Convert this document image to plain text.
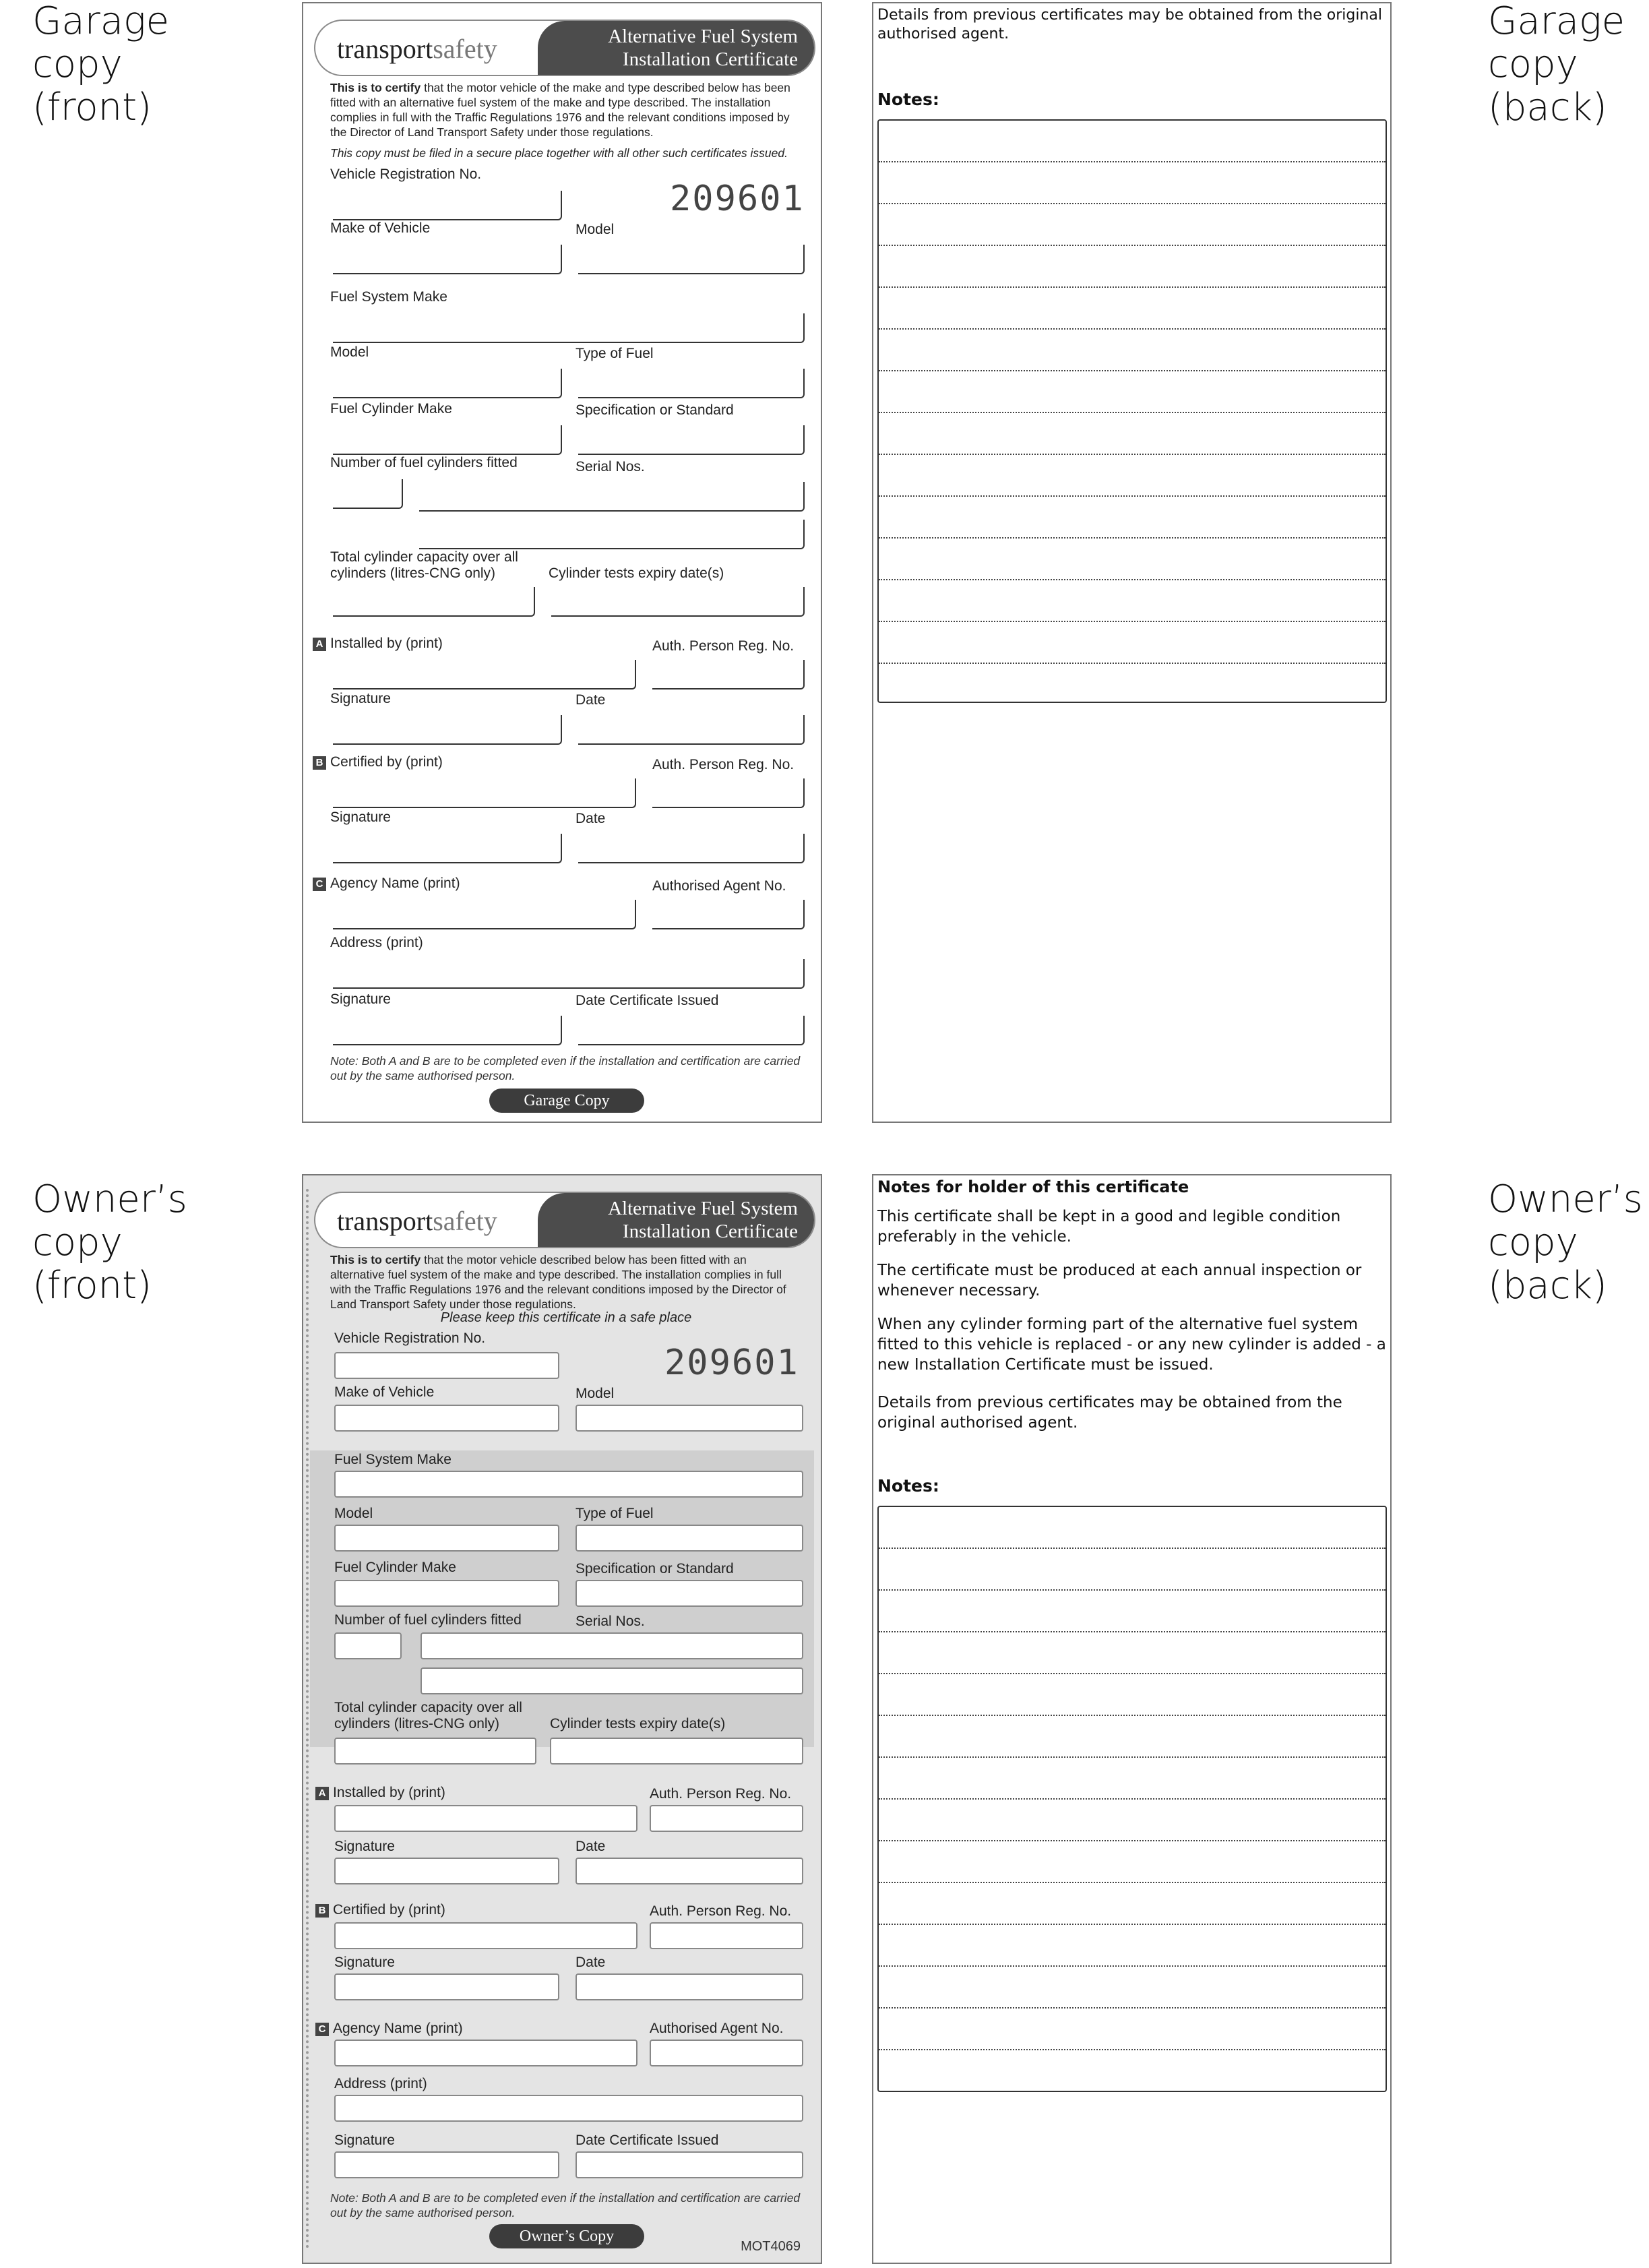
Garage
copy
(front)
Garage
copy
(back)
Owner’s
copy
(front)
Owner’s
copy
(back)
transportsafety	Alternative Fuel System
Installation Certificate
This is to certify that the motor vehicle of the make and type described below has been fitted with an alternative fuel system of the make and type described. The installation complies in full with the Traffic Regulations 1976 and the relevant conditions imposed by the Director of Land Transport Safety under those regulations.
This copy must be filed in a secure place together with all other such certificates issued.
Vehicle Registration No.
209601
Make of Vehicle	Model
Fuel System Make
Model	Type of Fuel
Fuel Cylinder Make	Specification or Standard
Number of fuel cylinders fitted	Serial Nos.
Total cylinder capacity over all
cylinders (litres-CNG only)	Cylinder tests expiry date(s)
A Installed by (print)	Auth. Person Reg. No.
Signature	Date
B Certified by (print)	Auth. Person Reg. No.
Signature	Date
C Agency Name (print)	Authorised Agent No.
Address (print)
Signature	Date Certificate Issued
Note: Both A and B are to be completed even if the installation and certification are carried out by the same authorised person.
Garage Copy
Details from previous certificates may be obtained from the original authorised agent.
Notes:
transportsafety	Alternative Fuel System
Installation Certificate
This is to certify that the motor vehicle described below has been fitted with an alternative fuel system of the make and type described. The installation complies in full with the Traffic Regulations 1976 and the relevant conditions imposed by the Director of Land Transport Safety under those regulations.
Please keep this certificate in a safe place
Vehicle Registration No.
209601
Make of Vehicle	Model
Fuel System Make
Model	Type of Fuel
Fuel Cylinder Make	Specification or Standard
Number of fuel cylinders fitted	Serial Nos.
Total cylinder capacity over all
cylinders (litres-CNG only)	Cylinder tests expiry date(s)
A Installed by (print)	Auth. Person Reg. No.
Signature	Date
B Certified by (print)	Auth. Person Reg. No.
Signature	Date
C Agency Name (print)	Authorised Agent No.
Address (print)
Signature	Date Certificate Issued
Note: Both A and B are to be completed even if the installation and certification are carried out by the same authorised person.
Owner’s Copy
MOT4069
Notes for holder of this certificate
This certificate shall be kept in a good and legible condition preferably in the vehicle.
The certificate must be produced at each annual inspection or whenever necessary.
When any cylinder forming part of the alternative fuel system fitted to this vehicle is replaced - or any new cylinder is added - a new Installation Certificate must be issued.
Details from previous certificates may be obtained from the original authorised agent.
Notes:
